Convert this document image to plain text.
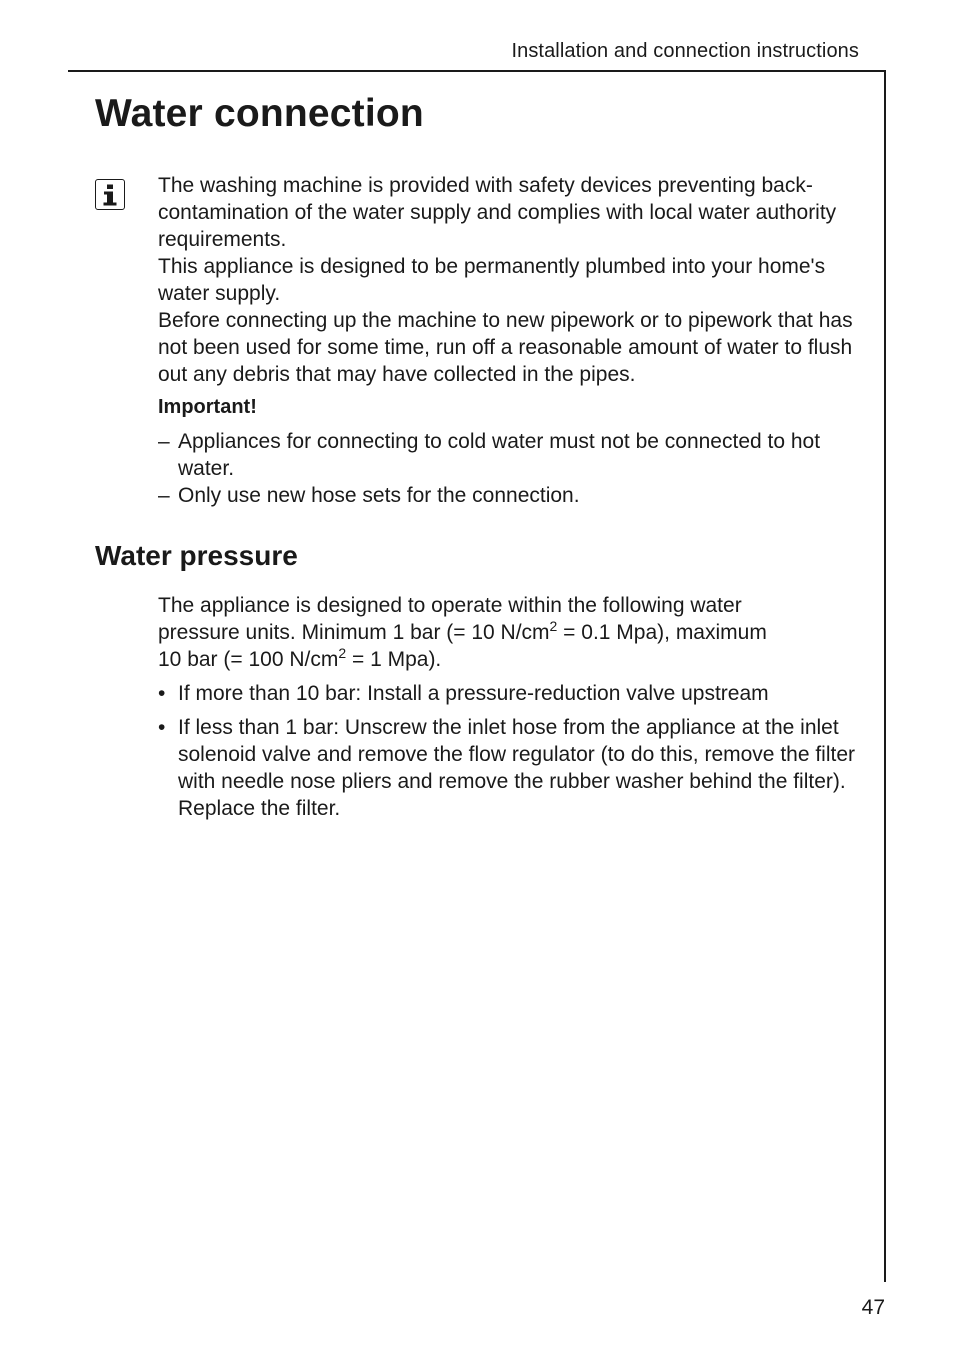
Installation and connection instructions
Water connection

The washing machine is provided with safety devices preventing back-contamination of the water supply and complies with local water authority requirements.

This appliance is designed to be permanently plumbed into your home's water supply.

Before connecting up the machine to new pipework or to pipework that has not been used for some time, run off a reasonable amount of water to flush out any debris that may have collected in the pipes.

Important!
– Appliances for connecting to cold water must not be connected to hot water.
– Only use new hose sets for the connection.
Water pressure

The appliance is designed to operate within the following water

pressure units. Minimum 1 bar (= 10 $N/cm^2 = 0.1$ Mpa), maximum

10 bar (= 100 $N/cm^2 = 1$ Mpa).

• If more than 10 bar: Install a pressure-reduction valve upstream
• If less than 1 bar: Unscrew the inlet hose from the appliance at the inlet solenoid valve and remove the flow regulator (to do this, remove the filter with needle nose pliers and remove the rubber washer behind the filter). Replace the filter.
47
